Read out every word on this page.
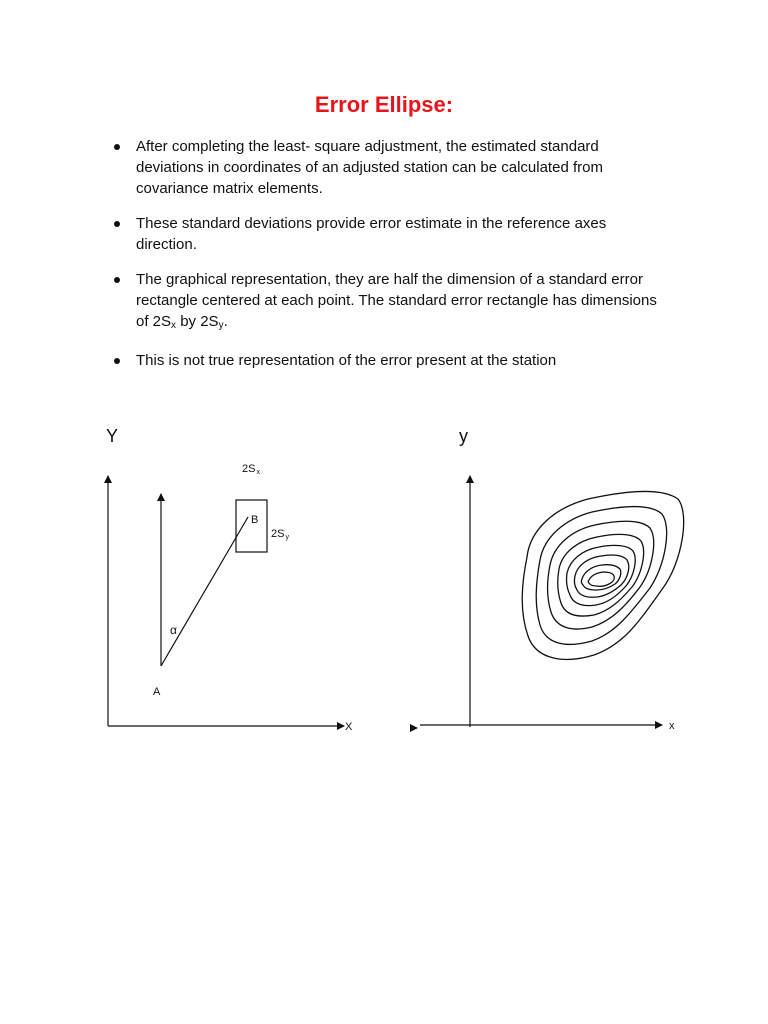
Error Ellipse:
After completing the least- square adjustment, the estimated standard deviations in coordinates of an adjusted station can be calculated from covariance matrix elements.
These standard deviations provide error estimate in the reference axes direction.
The graphical representation, they are half the dimension of a standard error rectangle centered at each point. The standard error rectangle has dimensions of $2S_x$ by $2S_y$.
This is not true representation of the error present at the station
Y
X
B
A
α
2Sx
2Sy
y
x
